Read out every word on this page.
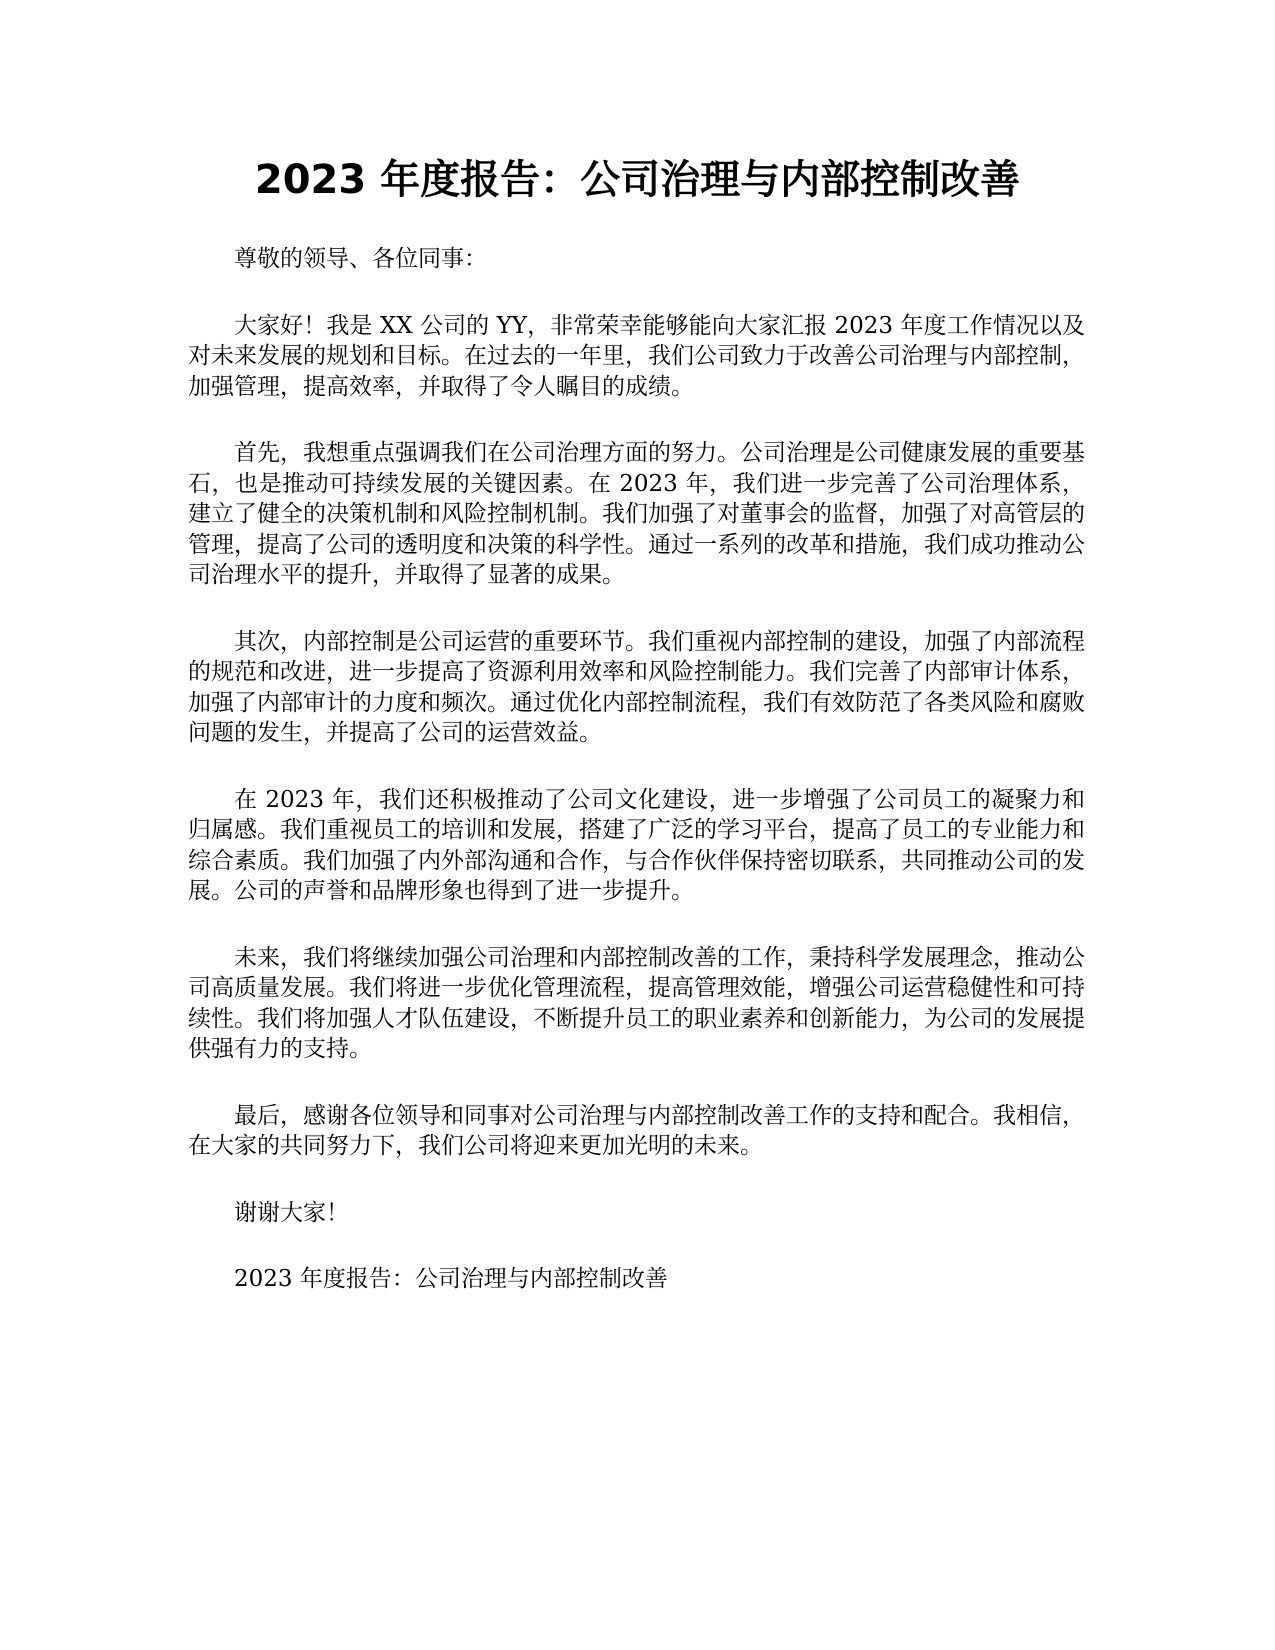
2023 年度报告：公司治理与内部控制改善

尊敬的领导、各位同事：

大家好！我是 XX 公司的 YY，非常荣幸能够能向大家汇报 2023 年度工作情况以及对未来发展的规划和目标。在过去的一年里，我们公司致力于改善公司治理与内部控制，加强管理，提高效率，并取得了令人瞩目的成绩。

首先，我想重点强调我们在公司治理方面的努力。公司治理是公司健康发展的重要基石，也是推动可持续发展的关键因素。在 2023 年，我们进一步完善了公司治理体系，建立了健全的决策机制和风险控制机制。我们加强了对董事会的监督，加强了对高管层的管理，提高了公司的透明度和决策的科学性。通过一系列的改革和措施，我们成功推动公司治理水平的提升，并取得了显著的成果。

其次，内部控制是公司运营的重要环节。我们重视内部控制的建设，加强了内部流程的规范和改进，进一步提高了资源利用效率和风险控制能力。我们完善了内部审计体系，加强了内部审计的力度和频次。通过优化内部控制流程，我们有效防范了各类风险和腐败问题的发生，并提高了公司的运营效益。

在 2023 年，我们还积极推动了公司文化建设，进一步增强了公司员工的凝聚力和归属感。我们重视员工的培训和发展，搭建了广泛的学习平台，提高了员工的专业能力和综合素质。我们加强了内外部沟通和合作，与合作伙伴保持密切联系，共同推动公司的发展。公司的声誉和品牌形象也得到了进一步提升。

未来，我们将继续加强公司治理和内部控制改善的工作，秉持科学发展理念，推动公司高质量发展。我们将进一步优化管理流程，提高管理效能，增强公司运营稳健性和可持续性。我们将加强人才队伍建设，不断提升员工的职业素养和创新能力，为公司的发展提供强有力的支持。

最后，感谢各位领导和同事对公司治理与内部控制改善工作的支持和配合。我相信，在大家的共同努力下，我们公司将迎来更加光明的未来。

谢谢大家！

2023 年度报告：公司治理与内部控制改善
